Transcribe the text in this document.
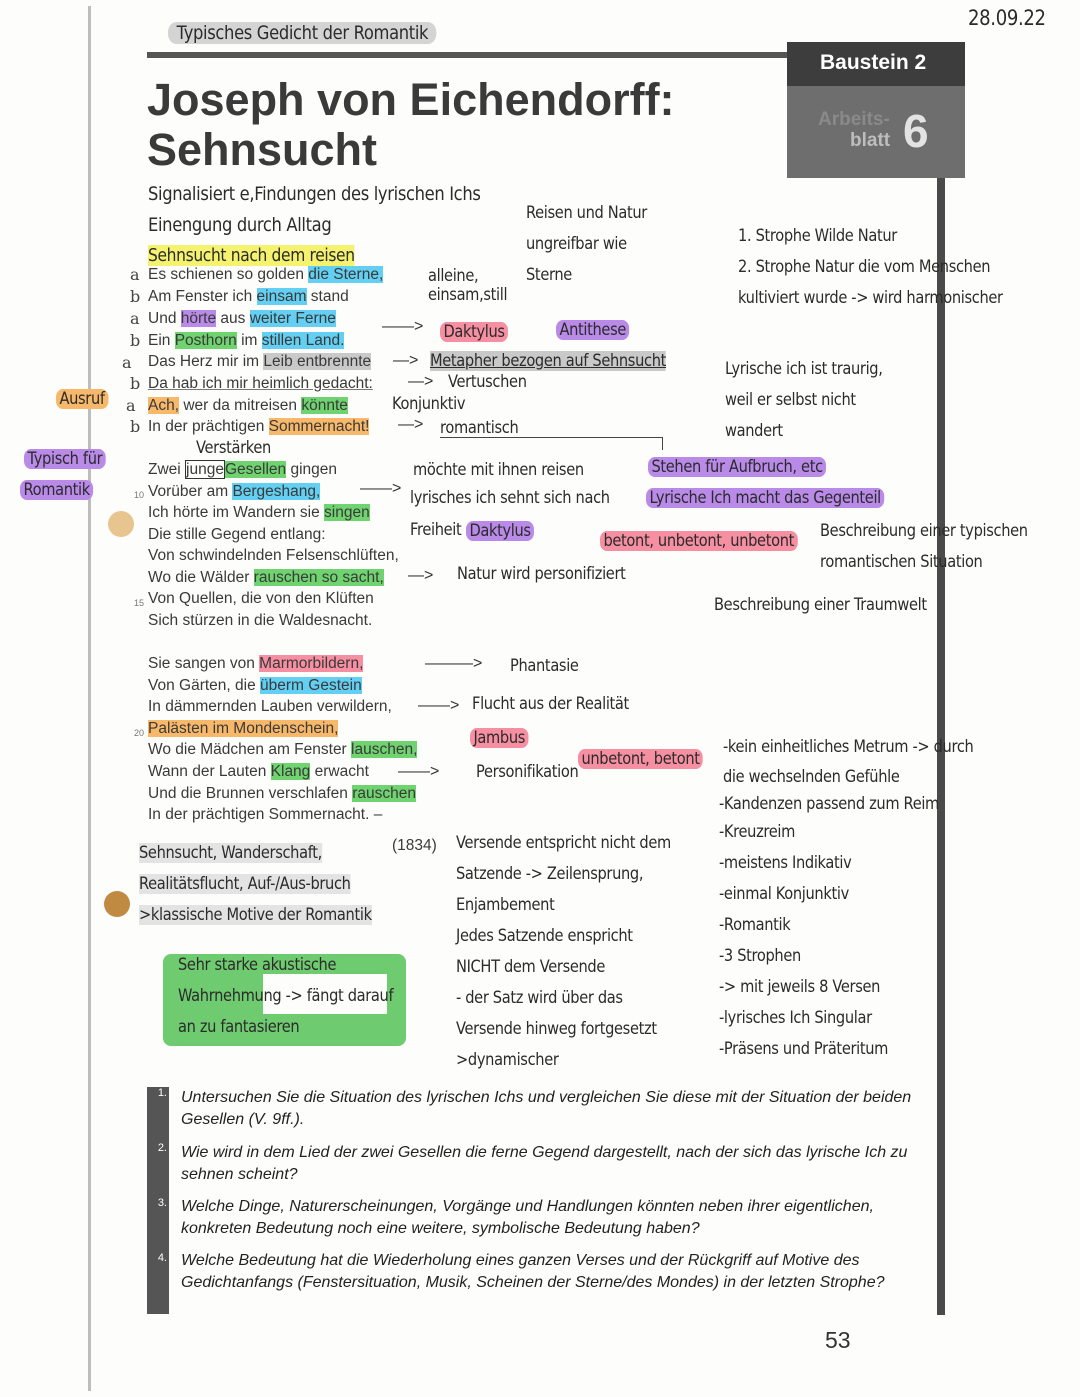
28.09.22
Typisches Gedicht der Romantik
Baustein 2
Arbeits-
blatt 6
Joseph von Eichendorff:
Sehnsucht
Signalisiert e,Findungen des lyrischen Ichs
Einengung durch Alltag
Sehnsucht nach dem reisen
Reisen und Natur
ungreifbar wie
Sterne
alleine,
einsam,still
1. Strophe Wilde Natur
2. Strophe Natur die vom Menschen
kultiviert wurde -> wird harmonischer
a
b
a
b
a
b
a
b
Es schienen so golden die Sterne,
Am Fenster ich einsam stand
Und hörte aus weiter Ferne
Ein Posthorn im stillen Land.
Das Herz mir im Leib entbrennte
Da hab ich mir heimlich gedacht:
Ach, wer da mitreisen könnte
In der prächtigen Sommernacht!
——> Daktylus	Antithese
—> Metapher bezogen auf Sehnsucht
—> Vertuschen
Konjunktiv
—> romantisch
Lyrische ich ist traurig,
weil er selbst nicht
wandert
Ausruf
Typisch für
Romantik
Verstärken
Zwei jungeGesellen gingen
10 Vorüber am Bergeshang,
Ich hörte im Wandern sie singen
Die stille Gegend entlang:
Von schwindelnden Felsenschlüften,
Wo die Wälder rauschen so sacht,
15 Von Quellen, die von den Klüften
Sich stürzen in die Waldesnacht.
möchte mit ihnen reisen
——> lyrisches ich sehnt sich nach
Freiheit Daktylus
Stehen für Aufbruch, etc
Lyrische Ich macht das Gegenteil
betont, unbetont, unbetont Beschreibung einer typischen
romantischen Situation
—> Natur wird personifiziert
Beschreibung einer Traumwelt
Sie sangen von Marmorbildern,
Von Gärten, die überm Gestein
In dämmernden Lauben verwildern,
20 Palästen im Mondenschein,
Wo die Mädchen am Fenster lauschen,
Wann der Lauten Klang erwacht
Und die Brunnen verschlafen rauschen
In der prächtigen Sommernacht. –
———> Phantasie
——> Flucht aus der Realität
Jambus
——> Personifikation
unbetont, betont
-kein einheitliches Metrum -> durch
die wechselnden Gefühle
-Kandenzen passend zum Reim
-Kreuzreim
-meistens Indikativ
-einmal Konjunktiv
-Romantik
-3 Strophen
-> mit jeweils 8 Versen
-lyrisches Ich Singular
-Präsens und Präteritum
(1834)
Sehnsucht, Wanderschaft,
Realitätsflucht, Auf-/Aus-bruch
>klassische Motive der Romantik
Sehr starke akustische
Wahrnehmung -> fängt darauf
an zu fantasieren
Versende entspricht nicht dem
Satzende -> Zeilensprung,
Enjambement
Jedes Satzende enspricht
NICHT dem Versende
- der Satz wird über das
Versende hinweg fortgesetzt
>dynamischer
1. Untersuchen Sie die Situation des lyrischen Ichs und vergleichen Sie diese mit der Situation der beiden Gesellen (V. 9ff.).
2. Wie wird in dem Lied der zwei Gesellen die ferne Gegend dargestellt, nach der sich das lyrische Ich zu sehnen scheint?
3. Welche Dinge, Naturerscheinungen, Vorgänge und Handlungen könnten neben ihrer eigentlichen, konkreten Bedeutung noch eine weitere, symbolische Bedeutung haben?
4. Welche Bedeutung hat die Wiederholung eines ganzen Verses und der Rückgriff auf Motive des Gedichtanfangs (Fenstersituation, Musik, Scheinen der Sterne/des Mondes) in der letzten Strophe?
53
